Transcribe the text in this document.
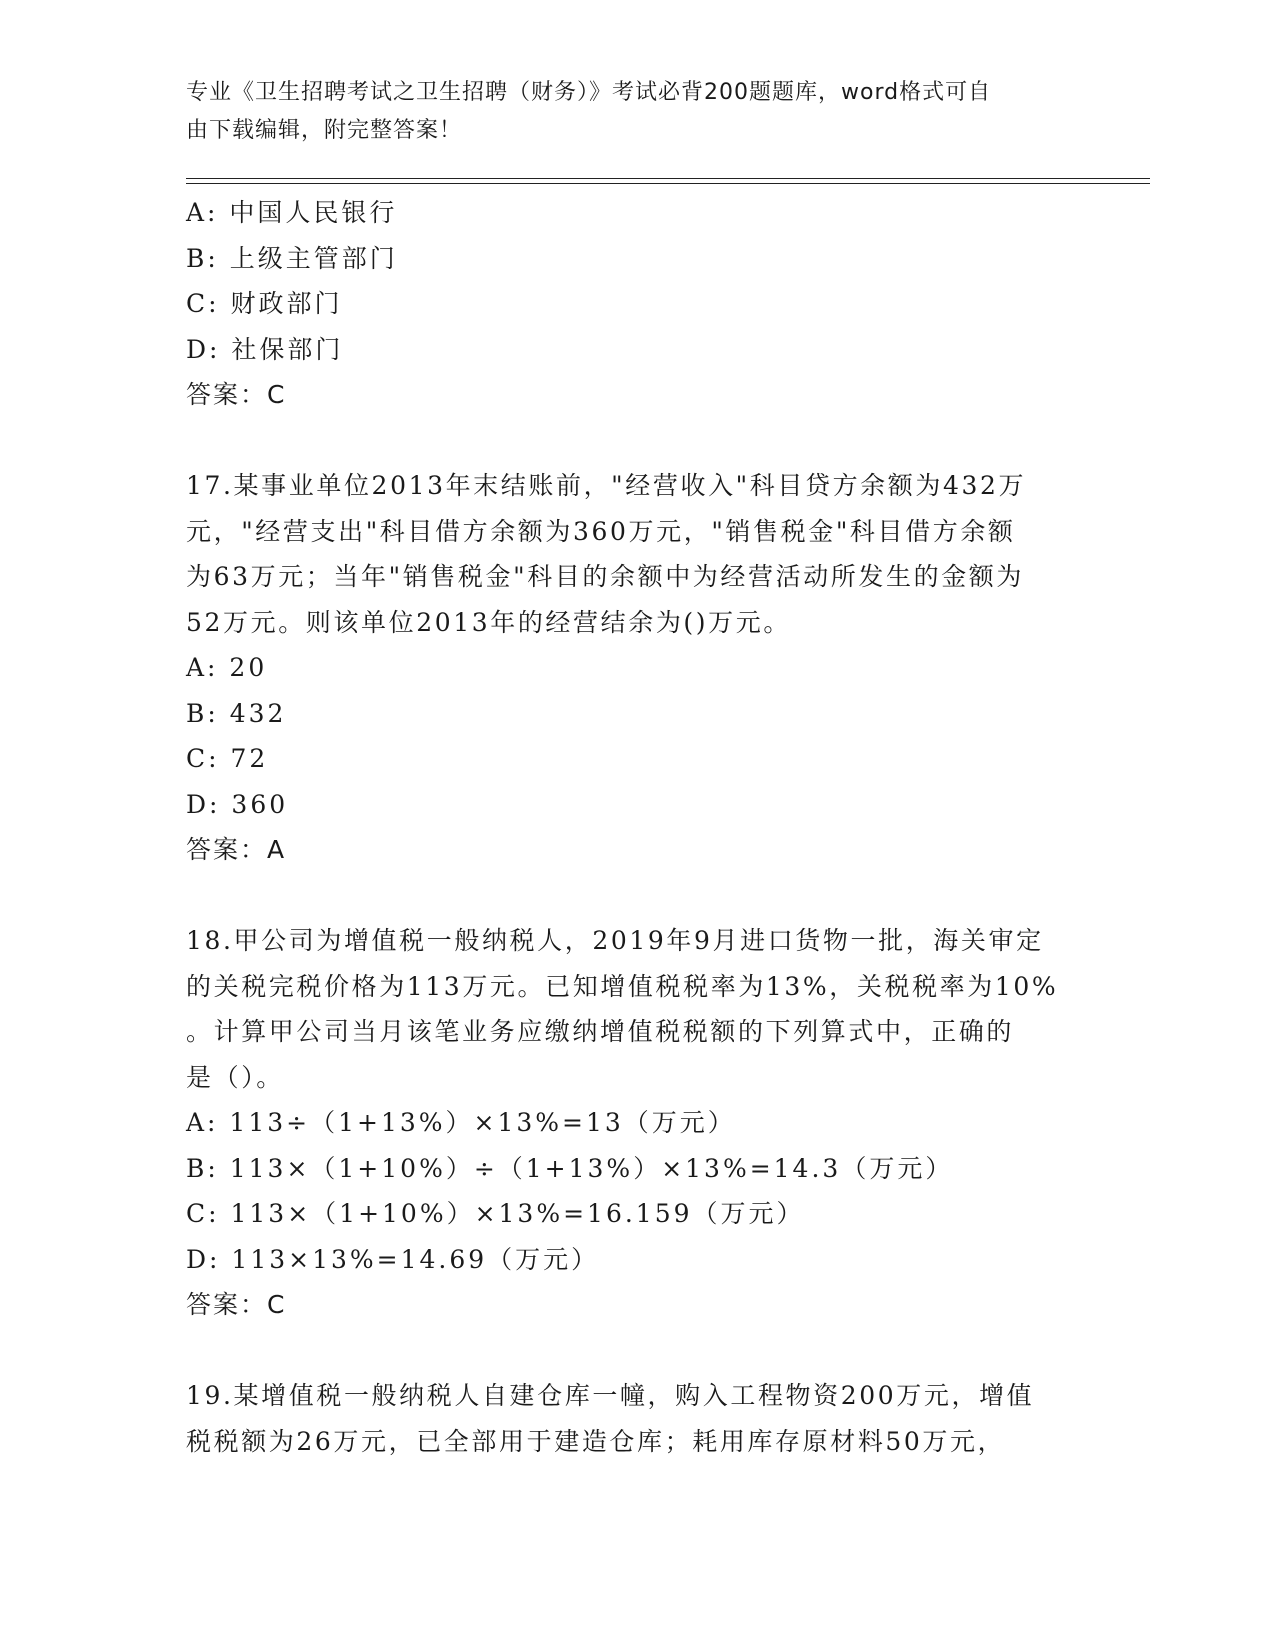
专业《卫生招聘考试之卫生招聘（财务）》考试必背200题题库，word格式可自
由下载编辑，附完整答案！
A: 中国人民银行
B: 上级主管部门
C: 财政部门
D: 社保部门
答案：C
17.某事业单位2013年末结账前，"经营收入"科目贷方余额为432万
元，"经营支出"科目借方余额为360万元，"销售税金"科目借方余额
为63万元；当年"销售税金"科目的余额中为经营活动所发生的金额为
52万元。则该单位2013年的经营结余为()万元。
A: 20
B: 432
C: 72
D: 360
答案：A
18.甲公司为增值税一般纳税人，2019年9月进口货物一批，海关审定
的关税完税价格为113万元。已知增值税税率为13%，关税税率为10%
。计算甲公司当月该笔业务应缴纳增值税税额的下列算式中，正确的
是（）。
A: 113÷（1+13%）×13%=13（万元）
B: 113×（1+10%）÷（1+13%）×13%=14.3（万元）
C: 113×（1+10%）×13%=16.159（万元）
D: 113×13%=14.69（万元）
答案：C
19.某增值税一般纳税人自建仓库一幢，购入工程物资200万元，增值
税税额为26万元，已全部用于建造仓库；耗用库存原材料50万元，
